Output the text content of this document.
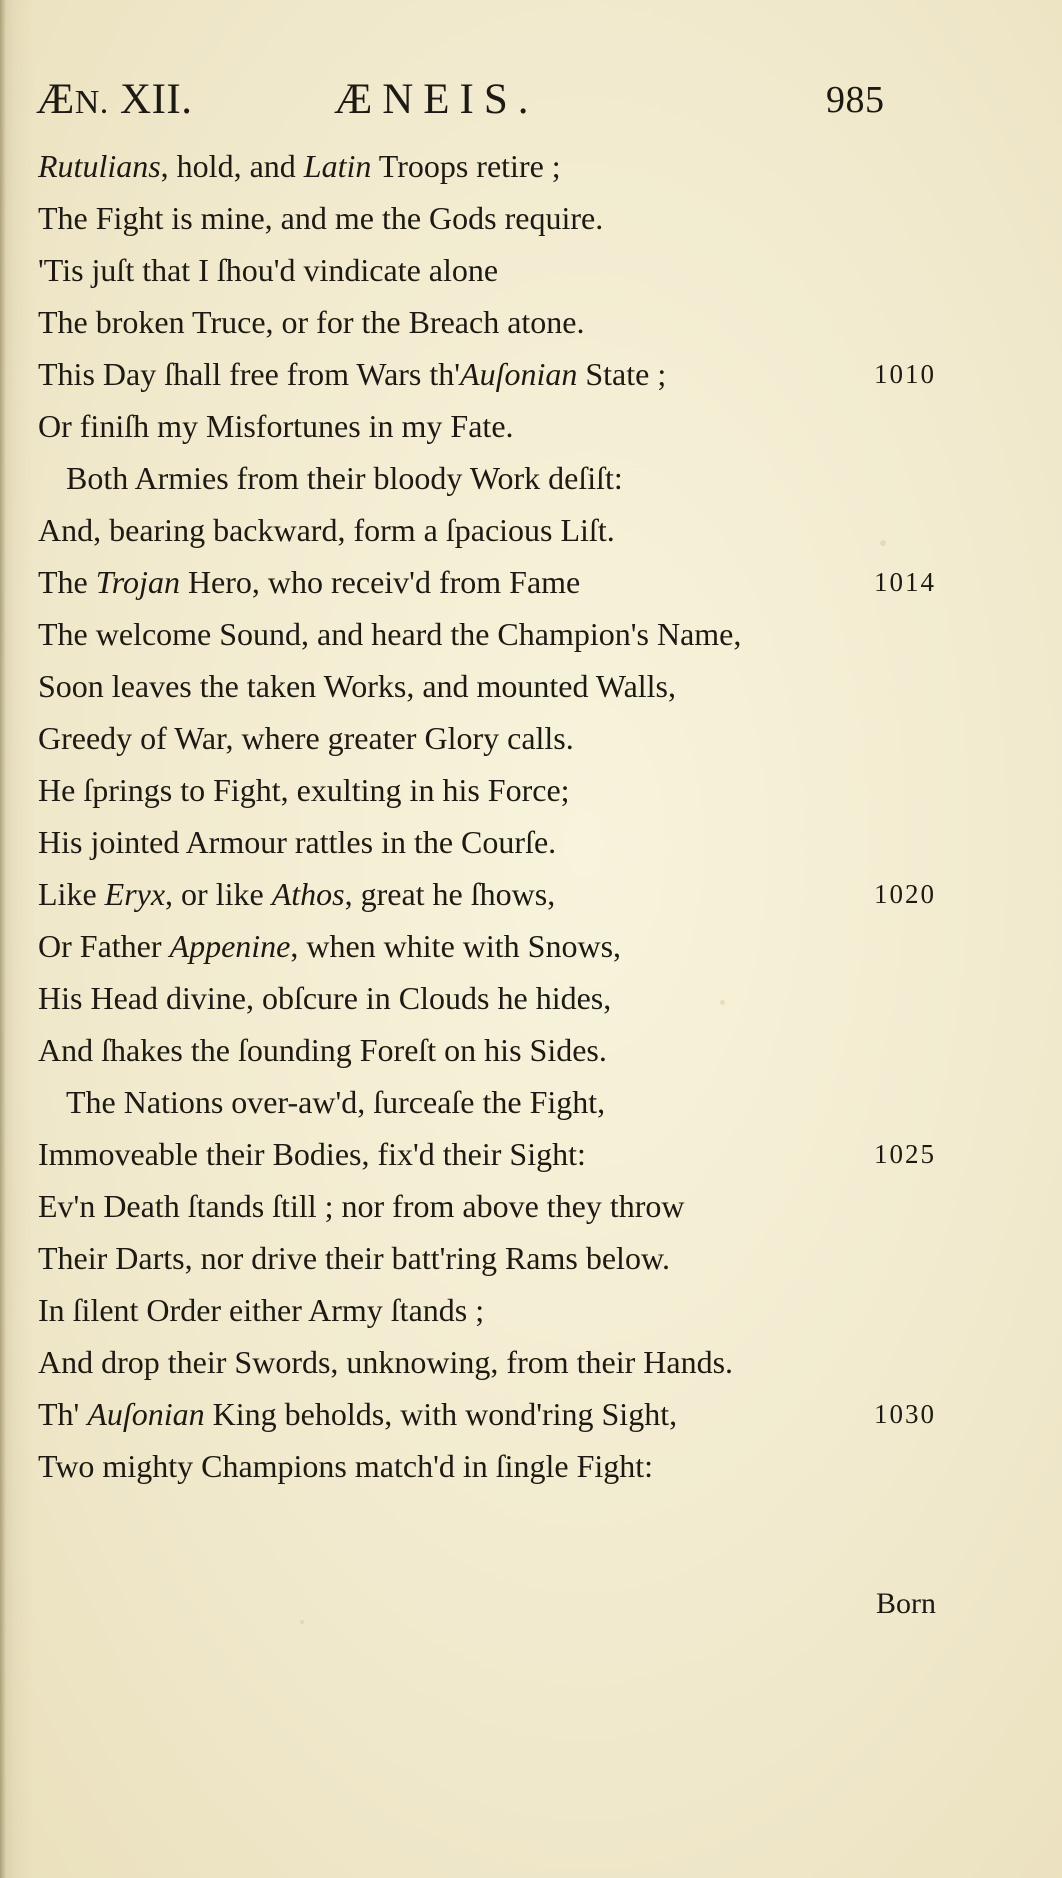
ÆN. XII.	ÆNEIS.	985
Rutulians, hold, and Latin Troops retire ;
The Fight is mine, and me the Gods require.
'Tis juſt that I ſhou'd vindicate alone
The broken Truce, or for the Breach atone.
This Day ſhall free from Wars th'Auſonian State ;	1010
Or finiſh my Misfortunes in my Fate.
Both Armies from their bloody Work deſiſt:
And, bearing backward, form a ſpacious Liſt.
The Trojan Hero, who receiv'd from Fame	1014
The welcome Sound, and heard the Champion's Name,
Soon leaves the taken Works, and mounted Walls,
Greedy of War, where greater Glory calls.
He ſprings to Fight, exulting in his Force;
His jointed Armour rattles in the Courſe.
Like Eryx, or like Athos, great he ſhows,	1020
Or Father Appenine, when white with Snows,
His Head divine, obſcure in Clouds he hides,
And ſhakes the ſounding Foreſt on his Sides.
The Nations over-aw'd, ſurceaſe the Fight,
Immoveable their Bodies, fix'd their Sight:	1025
Ev'n Death ſtands ſtill ; nor from above they throw
Their Darts, nor drive their batt'ring Rams below.
In ſilent Order either Army ſtands ;
And drop their Swords, unknowing, from their Hands.
Th' Auſonian King beholds, with wond'ring Sight,	1030
Two mighty Champions match'd in ſingle Fight:
Born
